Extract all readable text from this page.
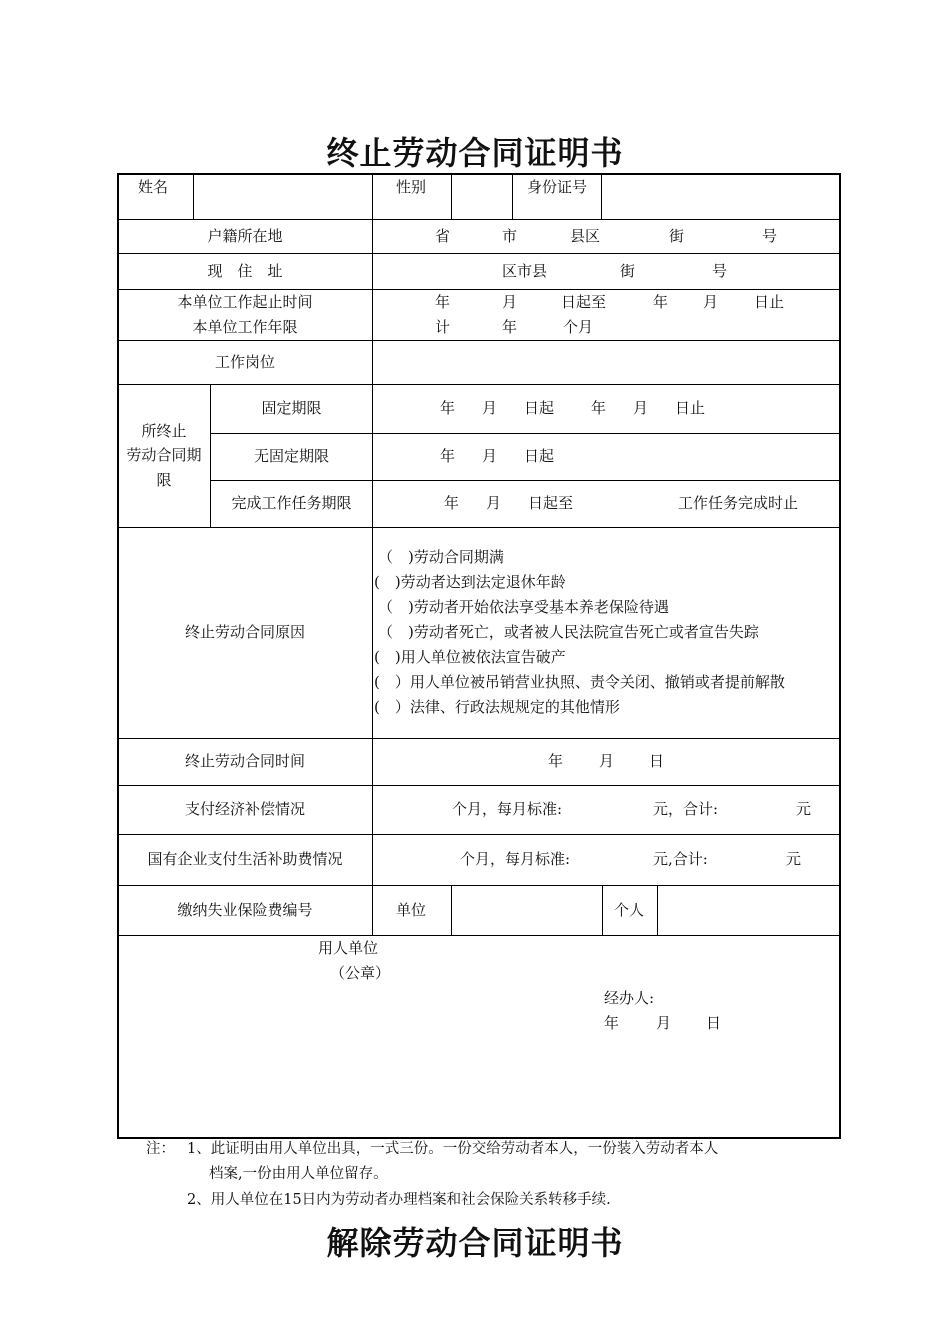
终止劳动合同证明书
姓名	性别	身份证号
户籍所在地	省	市	县区	街	号
现　住　址	区市县	街	号
本单位工作起止时间
本单位工作年限
年	月	日起至	年 月 日止
计	年	个月
工作岗位
所终止
劳动合同期
限
固定期限	年 月 日起 年 月 日止
无固定期限	年 月 日起
完成工作任务期限	年 月 日起至	工作任务完成时止
终止劳动合同原因
（　)劳动合同期满
(　)劳动者达到法定退休年龄
（　)劳动者开始依法享受基本养老保险待遇
（　)劳动者死亡，或者被人民法院宣告死亡或者宣告失踪
(　)用人单位被依法宣告破产
(　）用人单位被吊销营业执照、责令关闭、撤销或者提前解散
(　）法律、行政法规规定的其他情形
终止劳动合同时间	年 月 日
支付经济补偿情况	个月，每月标准:	元，合计:	元
国有企业支付生活补助费情况	个月，每月标准:	元,合计:	元
缴纳失业保险费编号	单位	个人
用人单位
（公章）
经办人:
年 月 日
注： 1、此证明由用人单位出具，一式三份。一份交给劳动者本人，一份装入劳动者本人
档案,一份由用人单位留存。
2、用人单位在15日内为劳动者办理档案和社会保险关系转移手续.
解除劳动合同证明书
